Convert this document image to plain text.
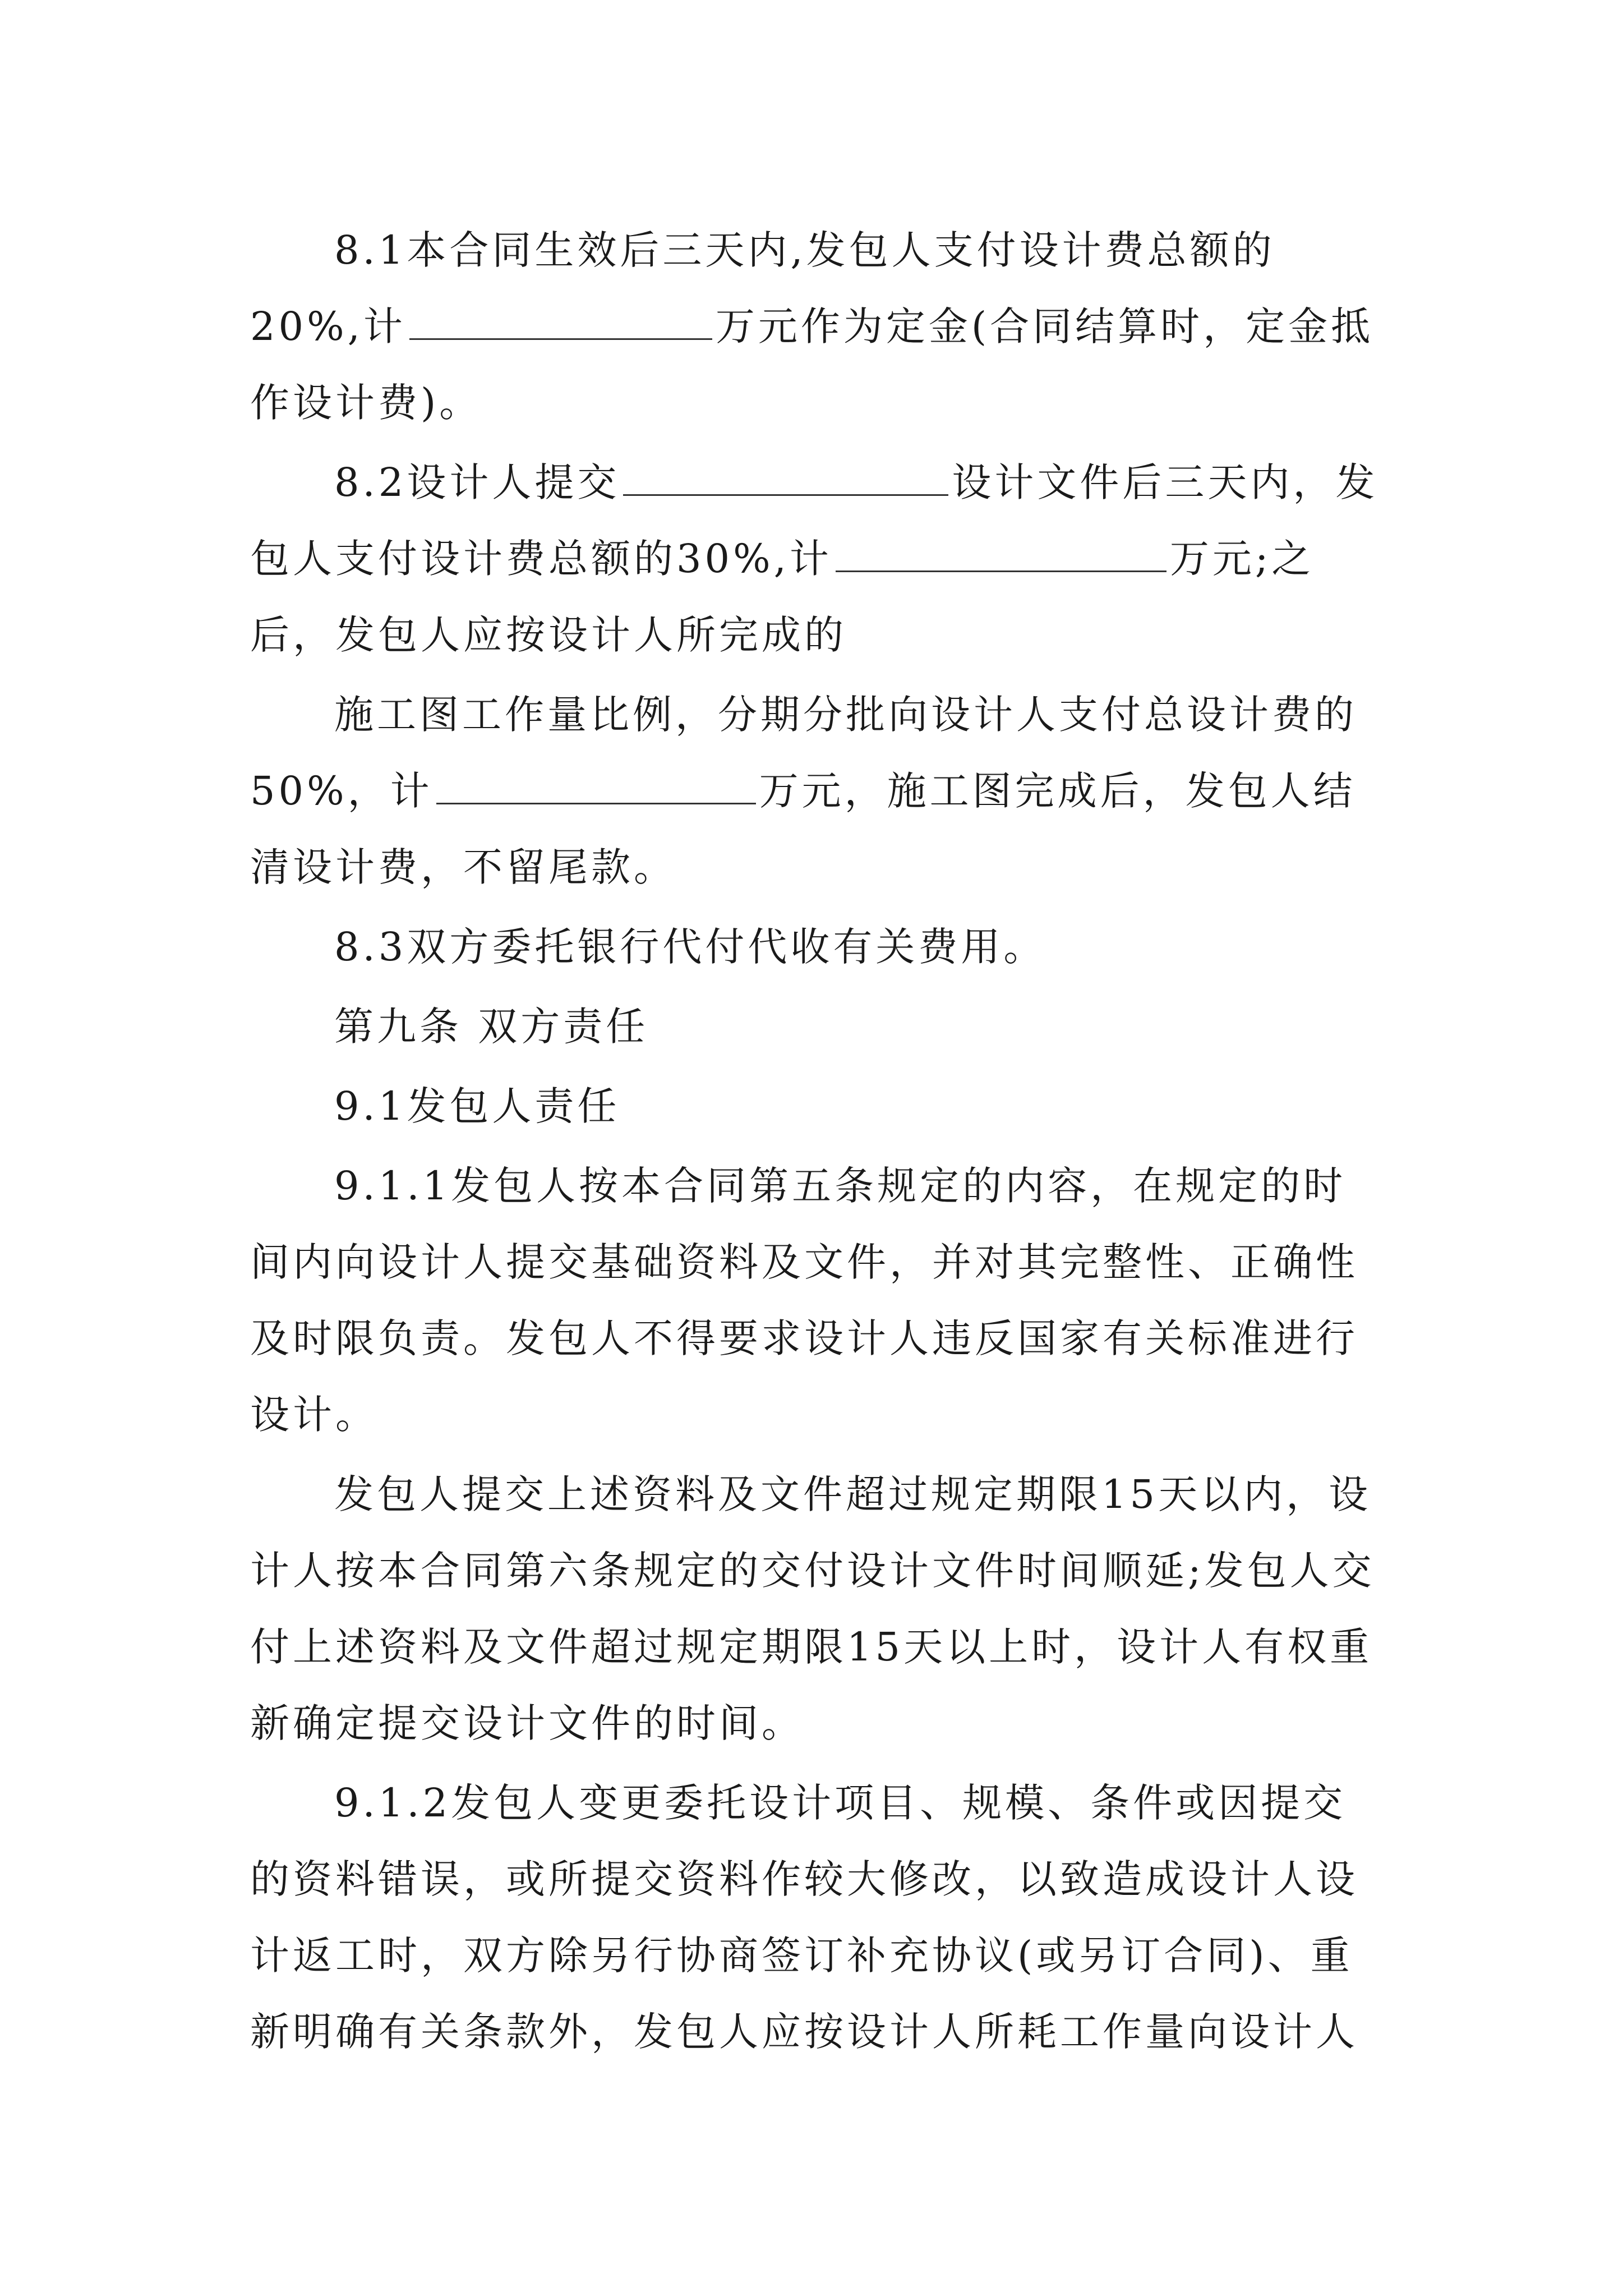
8.1本合同生效后三天内,发包人支付设计费总额的20%,计	万元作为定金(合同结算时，定金抵作设计费)。

8.2设计人提交	设计文件后三天内，发包人支付设计费总额的30%,计	万元;之后，发包人应按设计人所完成的

施工图工作量比例，分期分批向设计人支付总设计费的50%，计	万元，施工图完成后，发包人结清设计费，不留尾款。

8.3双方委托银行代付代收有关费用。

第九条 双方责任

9.1发包人责任

9.1.1发包人按本合同第五条规定的内容，在规定的时间内向设计人提交基础资料及文件，并对其完整性、正确性及时限负责。发包人不得要求设计人违反国家有关标准进行设计。

发包人提交上述资料及文件超过规定期限15天以内，设计人按本合同第六条规定的交付设计文件时间顺延;发包人交付上述资料及文件超过规定期限15天以上时，设计人有权重新确定提交设计文件的时间。

9.1.2发包人变更委托设计项目、规模、条件或因提交的资料错误，或所提交资料作较大修改，以致造成设计人设计返工时，双方除另行协商签订补充协议(或另订合同)、重新明确有关条款外，发包人应按设计人所耗工作量向设计人
